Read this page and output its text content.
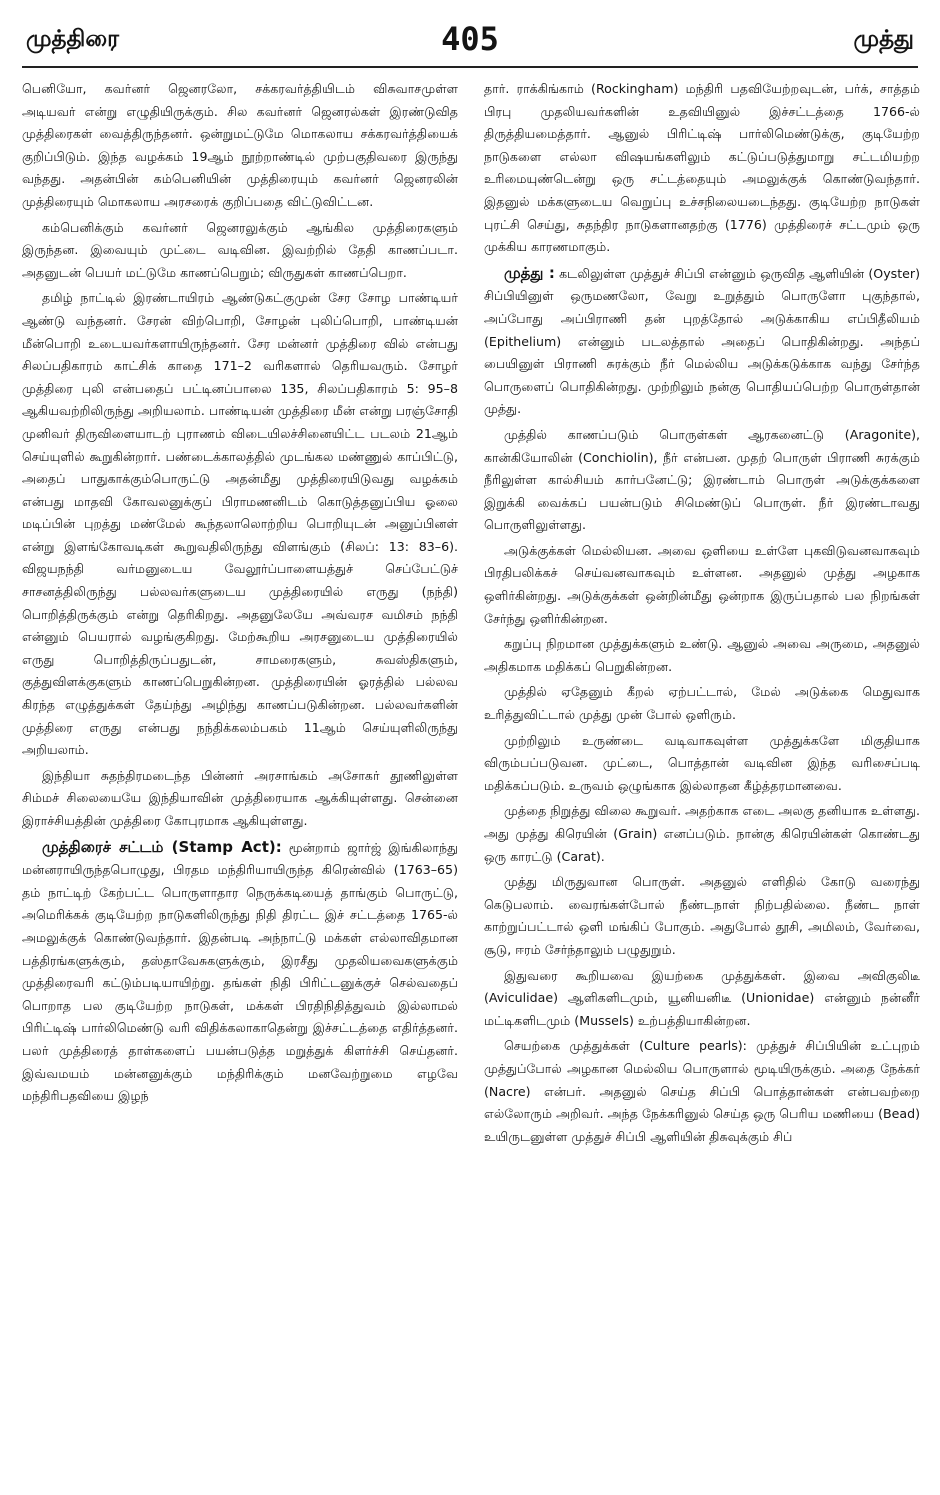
முத்திரை	405	முத்து

பெனியோ, கவர்னர் ஜெனரலோ, சக்கரவர்த்தியிடம் விசுவாசமுள்ள அடியவர் என்று எழுதியிருக்கும். சில கவர்னர் ஜெனரல்கள் இரண்டுவித முத்திரைகள் வைத்திருந்தனர். ஒன்றுமட்டுமே மொகலாய சக்கரவர்த்தியைக் குறிப்பிடும். இந்த வழக்கம் 19ஆம் நூற்றாண்டில் முற்பகுதிவரை இருந்து வந்தது. அதன்பின் கம்பெனியின் முத்திரையும் கவர்னர் ஜெனரலின் முத்திரையும் மொகலாய அரசரைக் குறிப்பதை விட்டுவிட்டன.

கம்பெனிக்கும் கவர்னர் ஜெனரலுக்கும் ஆங்கில முத்திரைகளும் இருந்தன. இவையும் முட்டை வடிவின. இவற்றில் தேதி காணப்படா. அதனுடன் பெயர் மட்டுமே காணப்பெறும்; விருதுகள் காணப்பெறா.

தமிழ் நாட்டில் இரண்டாயிரம் ஆண்டுகட்குமுன் சேர சோழ பாண்டியர் ஆண்டு வந்தனர். சேரன் விற்பொறி, சோழன் புலிப்பொறி, பாண்டியன் மீன்பொறி உடையவர்களாயிருந்தனர். சேர மன்னர் முத்திரை வில் என்பது சிலப்பதிகாரம் காட்சிக் காதை 171–2 வரிகளால் தெரியவரும். சோழர் முத்திரை புலி என்பதைப் பட்டினப்பாலை 135, சிலப்பதிகாரம் 5: 95–8 ஆகியவற்றிலிருந்து அறியலாம். பாண்டியன் முத்திரை மீன் என்று பரஞ்சோதி முனிவர் திருவிளையாடற் புராணம் விடையிலச்சினையிட்ட படலம் 21ஆம் செய்யுளில் கூறுகின்றார். பண்டைக்காலத்தில் முடங்கல மண்ணுல் காப்பிட்டு, அதைப் பாதுகாக்கும்பொருட்டு அதன்மீது முத்திரையிடுவது வழக்கம் என்பது மாதவி கோவலனுக்குப் பிராமணனிடம் கொடுத்தனுப்பிய ஓலை மடிப்பின் புறத்து மண்மேல் கூந்தலாலொற்றிய பொறியுடன் அனுப்பினள் என்று இளங்கோவடிகள் கூறுவதிலிருந்து விளங்கும் (சிலப்: 13: 83–6). விஜயநந்தி வர்மனுடைய வேலூர்ப்பாளையத்துச் செப்பேட்டுச் சாசனத்திலிருந்து பல்லவர்களுடைய முத்திரையில் எருது (நந்தி) பொறித்திருக்கும் என்று தெரிகிறது. அதனுலேயே அவ்வரச வமிசம் நந்தி என்னும் பெயரால் வழங்குகிறது. மேற்கூறிய அரசனுடைய முத்திரையில் எருது பொறித்திருப்பதுடன், சாமரைகளும், சுவஸ்திகளும், குத்துவிளக்குகளும் காணப்பெறுகின்றன. முத்திரையின் ஓரத்தில் பல்லவ கிரந்த எழுத்துக்கள் தேய்ந்து அழிந்து காணப்படுகின்றன. பல்லவர்களின் முத்திரை எருது என்பது நந்திக்கலம்பகம் 11ஆம் செய்யுளிலிருந்து அறியலாம்.

இந்தியா சுதந்திரமடைந்த பின்னர் அரசாங்கம் அசோகர் தூணிலுள்ள சிம்மச் சிலையையே இந்தியாவின் முத்திரையாக ஆக்கியுள்ளது. சென்னை இராச்சியத்தின் முத்திரை கோபுரமாக ஆகியுள்ளது.

முத்திரைச் சட்டம் (Stamp Act): மூன்றாம் ஜார்ஜ் இங்கிலாந்து மன்னராயிருந்தபொழுது, பிரதம மந்திரியாயிருந்த கிரென்வில் (1763–65) தம் நாட்டிற் கேற்பட்ட பொருளாதார நெருக்கடியைத் தாங்கும் பொருட்டு, அமெரிக்கக் குடியேற்ற நாடுகளிலிருந்து நிதி திரட்ட இச் சட்டத்தை 1765-ல் அமலுக்குக் கொண்டுவந்தார். இதன்படி அந்நாட்டு மக்கள் எல்லாவிதமான பத்திரங்களுக்கும், தஸ்தாவேசுகளுக்கும், இரசீது முதலியவைகளுக்கும் முத்திரைவரி கட்டும்படியாயிற்று. தங்கள் நிதி பிரிட்டனுக்குச் செல்வதைப் பொறாத பல குடியேற்ற நாடுகள், மக்கள் பிரதிநிதித்துவம் இல்லாமல் பிரிட்டிஷ் பார்லிமெண்டு வரி விதிக்கலாகாதென்று இச்சட்டத்தை எதிர்த்தனர். பலர் முத்திரைத் தாள்களைப் பயன்படுத்த மறுத்துக் கிளர்ச்சி செய்தனர். இவ்வமயம் மன்னனுக்கும் மந்திரிக்கும் மனவேற்றுமை எழவே மந்திரிபதவியை இழந்

தார். ராக்கிங்காம் (Rockingham) மந்திரி பதவியேற்றவுடன், பர்க், சாத்தம் பிரபு முதலியவர்களின் உதவியினுல் இச்சட்டத்தை 1766-ல் திருத்தியமைத்தார். ஆனுல் பிரிட்டிஷ் பார்லிமெண்டுக்கு, குடியேற்ற நாடுகளை எல்லா விஷயங்களிலும் கட்டுப்படுத்துமாறு சட்டமியற்ற உரிமையுண்டென்று ஒரு சட்டத்தையும் அமலுக்குக் கொண்டுவந்தார். இதனுல் மக்களுடைய வெறுப்பு உச்சநிலையடைந்தது. குடியேற்ற நாடுகள் புரட்சி செய்து, சுதந்திர நாடுகளானதற்கு (1776) முத்திரைச் சட்டமும் ஒரு முக்கிய காரணமாகும்.

முத்து : கடலிலுள்ள முத்துச் சிப்பி என்னும் ஒருவித ஆளியின் (Oyster) சிப்பியினுள் ஒருமணலோ, வேறு உறுத்தும் பொருளோ புகுந்தால், அப்போது அப்பிராணி தன் புறத்தோல் அடுக்காகிய எப்பிதீலியம் (Epithelium) என்னும் படலத்தால் அதைப் பொதிகின்றது. அந்தப் பையினுள் பிராணி சுரக்கும் நீர் மெல்லிய அடுக்கடுக்காக வந்து சேர்ந்த பொருளைப் பொதிகின்றது. முற்றிலும் நன்கு பொதியப்பெற்ற பொருள்தான் முத்து.

முத்தில் காணப்படும் பொருள்கள் ஆரகனைட்டு (Aragonite), கான்கியோலின் (Conchiolin), நீர் என்பன. முதற் பொருள் பிராணி சுரக்கும் நீரிலுள்ள கால்சியம் கார்பனேட்டு; இரண்டாம் பொருள் அடுக்குக்களை இறுக்கி வைக்கப் பயன்படும் சிமெண்டுப் பொருள். நீர் இரண்டாவது பொருளிலுள்ளது.

அடுக்குக்கள் மெல்லியன. அவை ஒளியை உள்ளே புகவிடுவனவாகவும் பிரதிபலிக்கச் செய்வனவாகவும் உள்ளன. அதனுல் முத்து அழகாக ஒளிர்கின்றது. அடுக்குக்கள் ஒன்றின்மீது ஒன்றாக இருப்பதால் பல நிறங்கள் சேர்ந்து ஒளிர்கின்றன.

கறுப்பு நிறமான முத்துக்களும் உண்டு. ஆனுல் அவை அருமை, அதனுல் அதிகமாக மதிக்கப் பெறுகின்றன.

முத்தில் ஏதேனும் கீறல் ஏற்பட்டால், மேல் அடுக்கை மெதுவாக உரித்துவிட்டால் முத்து முன் போல் ஒளிரும்.

முற்றிலும் உருண்டை வடிவாகவுள்ள முத்துக்களே மிகுதியாக விரும்பப்படுவன. முட்டை, பொத்தான் வடிவின இந்த வரிசைப்படி மதிக்கப்படும். உருவம் ஒழுங்காக இல்லாதன கீழ்த்தரமானவை.

முத்தை நிறுத்து விலை கூறுவர். அதற்காக எடை அலகு தனியாக உள்ளது. அது முத்து கிரெயின் (Grain) எனப்படும். நான்கு கிரெயின்கள் கொண்டது ஒரு காரட்டு (Carat).

முத்து மிருதுவான பொருள். அதனுல் எளிதில் கோடு வரைந்து கெடுபலாம். வைரங்கள்போல் நீண்டநாள் நிற்பதில்லை. நீண்ட நாள் காற்றுப்பட்டால் ஒளி மங்கிப் போகும். அதுபோல் தூசி, அமிலம், வேர்வை, சூடு, ஈரம் சேர்ந்தாலும் பழுதுறும்.

இதுவரை கூறியவை இயற்கை முத்துக்கள். இவை அவிகுலிடீ (Aviculidae) ஆளிகளிடமும், யூனியனிடீ (Unionidae) என்னும் நன்னீர் மட்டிகளிடமும் (Mussels) உற்பத்தியாகின்றன.

செயற்கை முத்துக்கள் (Culture pearls): முத்துச் சிப்பியின் உட்புறம் முத்துப்போல் அழகான மெல்லிய பொருளால் மூடியிருக்கும். அதை நேக்கர் (Nacre) என்பர். அதனுல் செய்த சிப்பி பொத்தான்கள் என்பவற்றை எல்லோரும் அறிவர். அந்த நேக்கரினுல் செய்த ஒரு பெரிய மணியை (Bead) உயிருடனுள்ள முத்துச் சிப்பி ஆளியின் திசுவுக்கும் சிப்
